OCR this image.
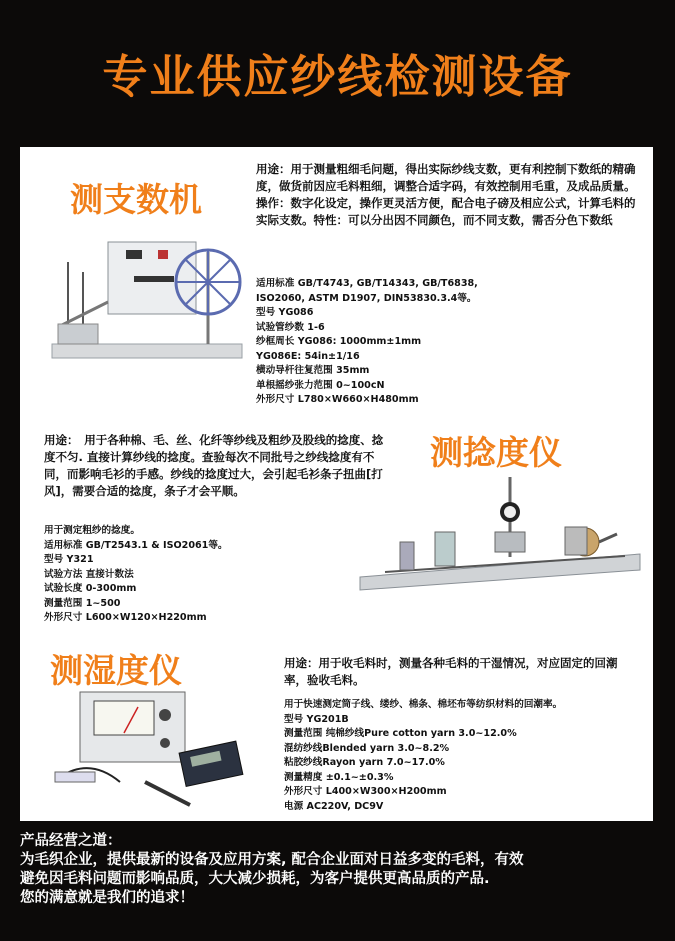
专业供应纱线检测设备
测支数机
用途：用于测量粗细毛问题，得出实际纱线支数，更有利控制下数纸的精确度，做货前因应毛料粗细，调整合适字码，有效控制用毛重，及成品质量。操作：数字化设定，操作更灵活方便，配合电子磅及相应公式，计算毛料的实际支数。特性：可以分出因不同颜色，而不同支数，需否分色下数纸
适用标准 GB/T4743, GB/T14343, GB/T6838,
ISO2060, ASTM D1907, DIN53830.3.4等。
型号 YG086
试验管纱数 1-6
纱框周长 YG086: 1000mm±1mm
YG086E: 54in±1/16
横动导杆往复范围 35mm
单根摇纱张力范围 0~100cN
外形尺寸 L780×W660×H480mm
用途：　用于各种棉、毛、丝、化纤等纱线及粗纱及股线的捻度、捻度不匀. 直接计算纱线的捻度。查验每次不同批号之纱线捻度有不同，而影响毛衫的手感。纱线的捻度过大，会引起毛衫条子扭曲[打风]，需要合适的捻度，条子才会平顺。
测捻度仪
用于测定粗纱的捻度。
适用标准 GB/T2543.1 & ISO2061等。
型号 Y321
试验方法 直接计数法
试验长度 0-300mm
测量范围 1~500
外形尺寸 L600×W120×H220mm
测湿度仪	用途：用于收毛料时，测量各种毛料的干湿情况，对应固定的回潮率，验收毛料。
用于快速测定筒子线、缕纱、棉条、棉坯布等纺织材料的回潮率。
型号 YG201B
测量范围 纯棉纱线Pure cotton yarn 3.0~12.0%
混纺纱线Blended yarn 3.0~8.2%
粘胶纱线Rayon yarn 7.0~17.0%
测量精度 ±0.1~±0.3%
外形尺寸 L400×W300×H200mm
电源 AC220V, DC9V
产品经营之道：
为毛织企业，提供最新的设备及应用方案, 配合企业面对日益多变的毛料，有效
避免因毛料问题而影响品质，大大减少损耗，为客户提供更高品质的产品.
您的满意就是我们的追求！
